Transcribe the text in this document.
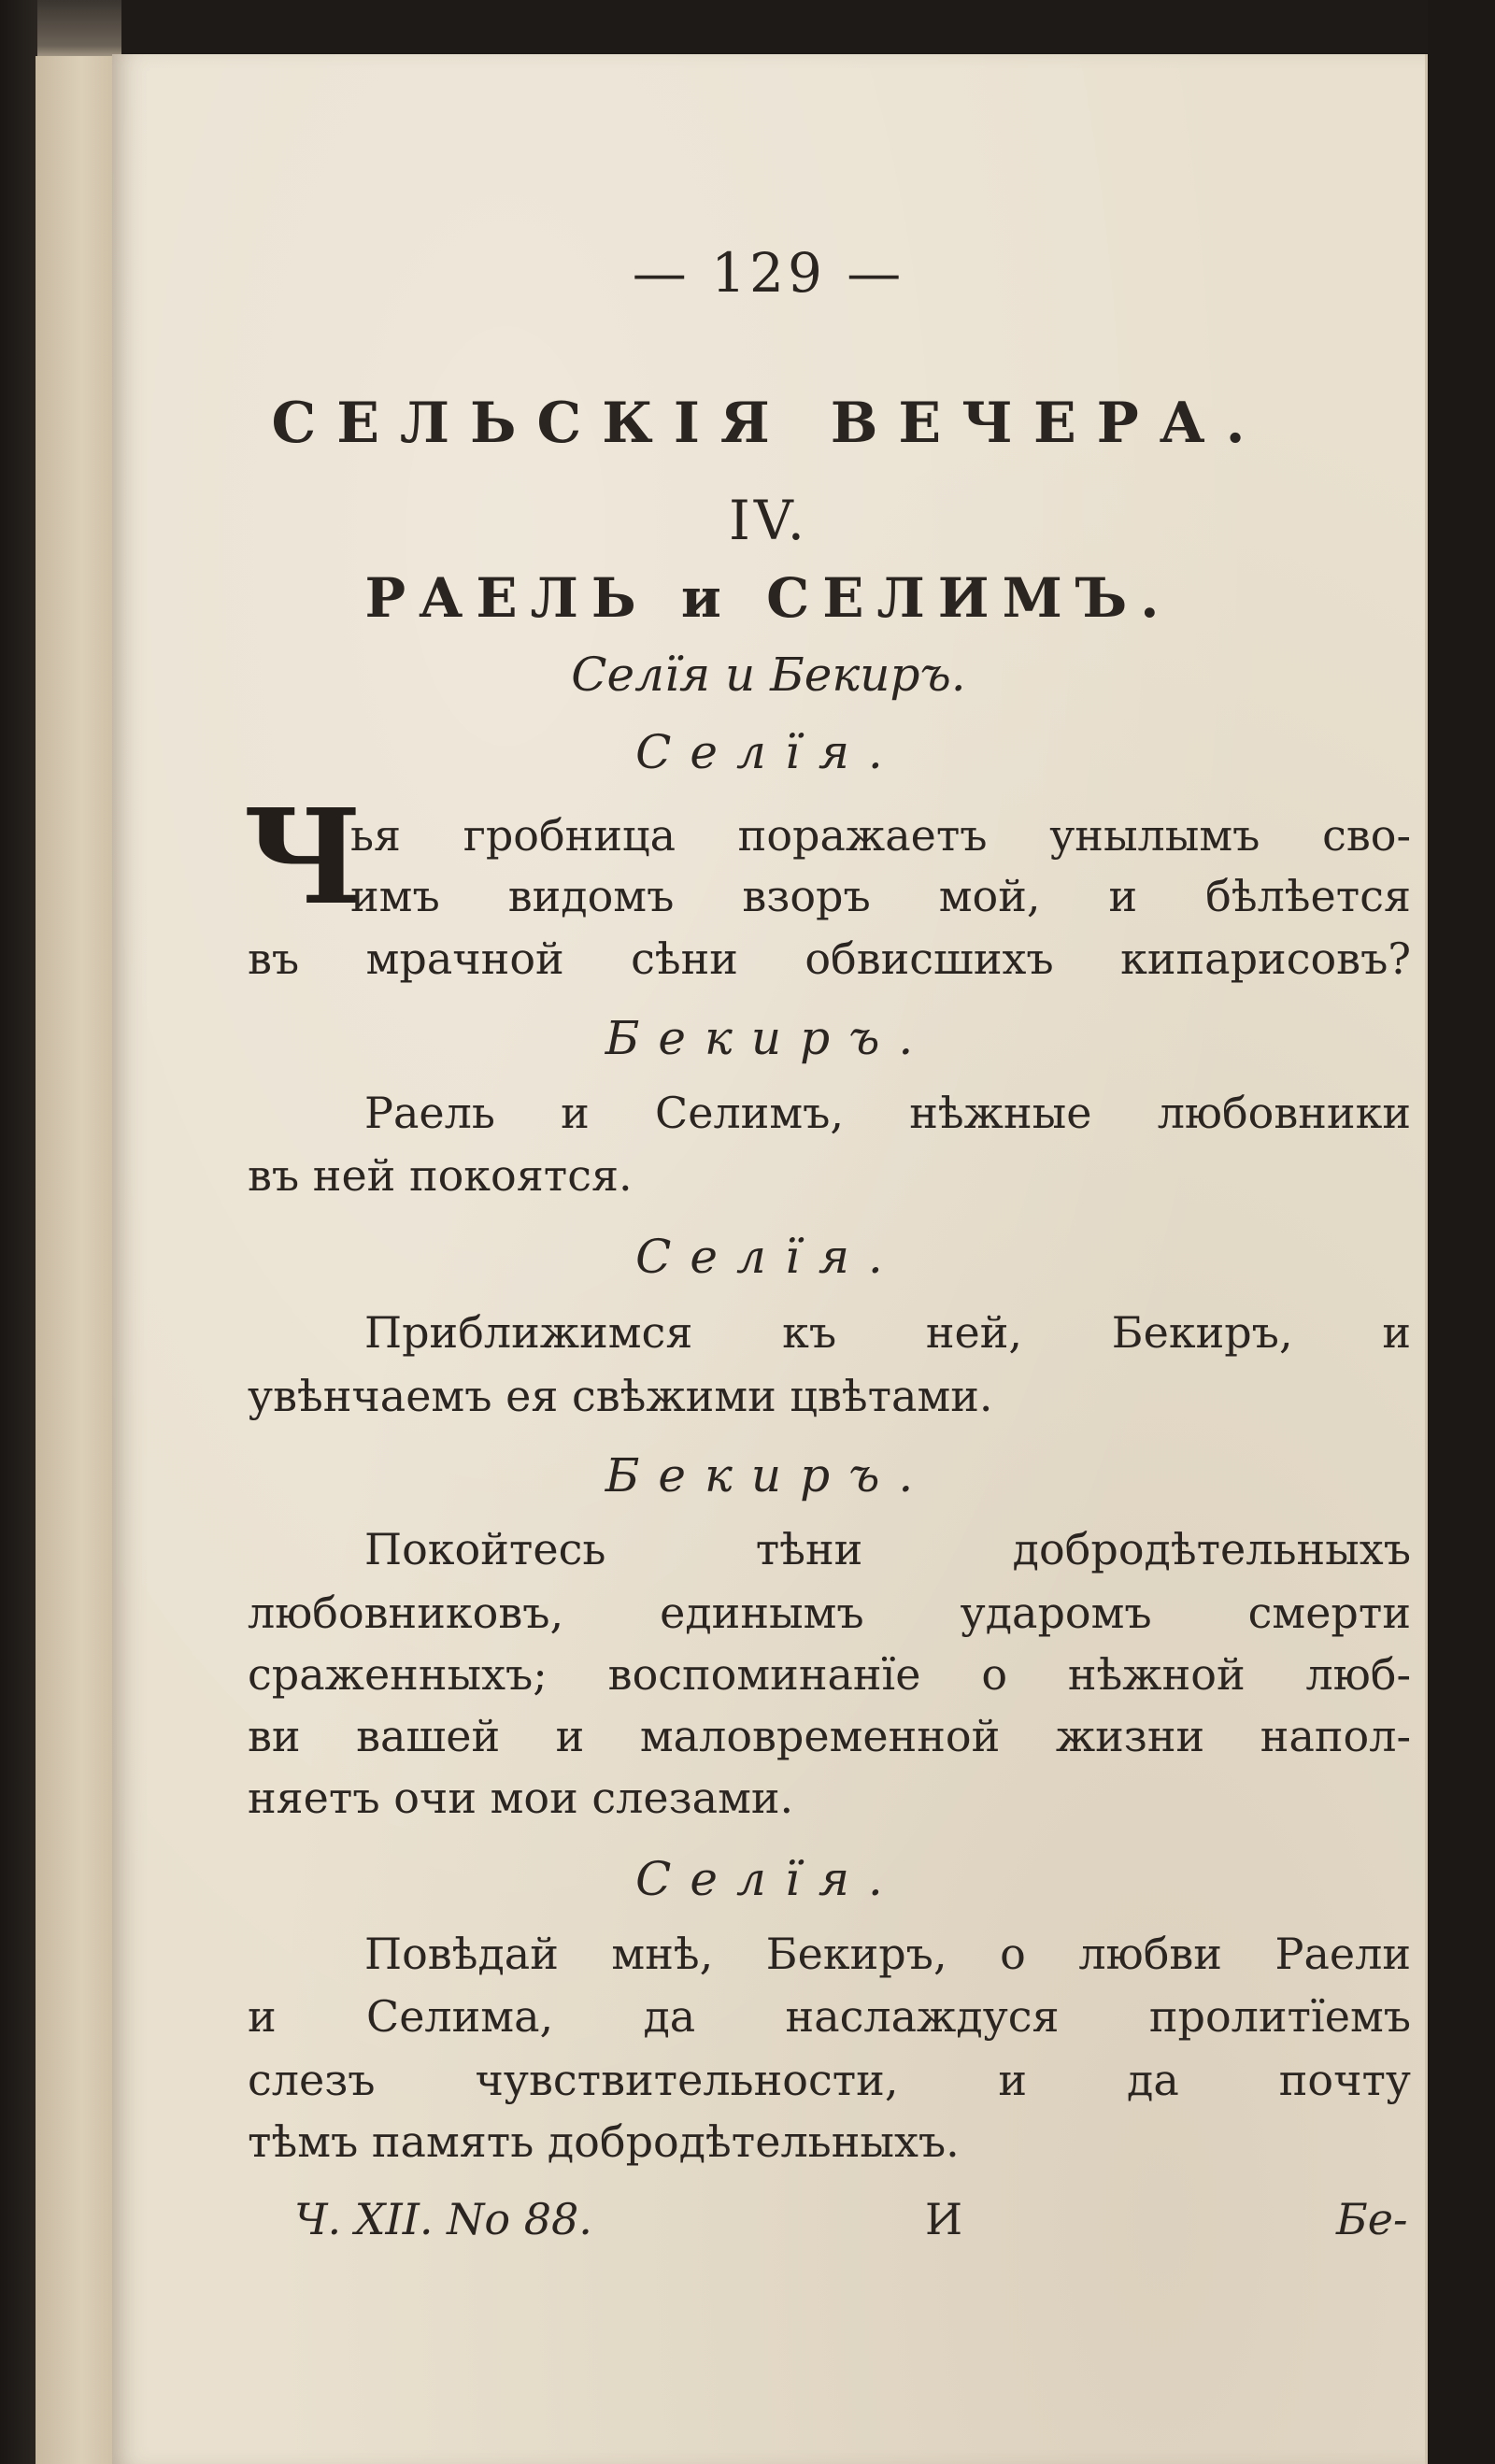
— 129 —
СЕЛЬСКІЯ ВЕЧЕРА.
IV.
РАЕЛЬ и СЕЛИМЪ.
Селїя и Бекиръ.
Селїя.
Ч
ья гробница поражаетъ унылымъ сво-
имъ видомъ взоръ мой, и бѣлѣется
въ мрачной сѣни обвисшихъ кипарисовъ?
Бекиръ.
Раель и Селимъ, нѣжные любовники
въ ней покоятся.
Селїя.
Приближимся къ ней, Бекиръ, и
увѣнчаемъ ея свѣжими цвѣтами.
Бекиръ.
Покойтесь тѣни добродѣтельныхъ
любовниковъ, единымъ ударомъ смерти
сраженныхъ; воспоминанїе о нѣжной люб-
ви вашей и маловременной жизни напол-
няетъ очи мои слезами.
Селїя.
Повѣдай мнѣ, Бекиръ, о любви Раели
и Селима, да наслаждуся пролитїемъ
слезъ чувствительности, и да почту
тѣмъ память добродѣтельныхъ.
Ч. XII. No 88.	И	Бе-
